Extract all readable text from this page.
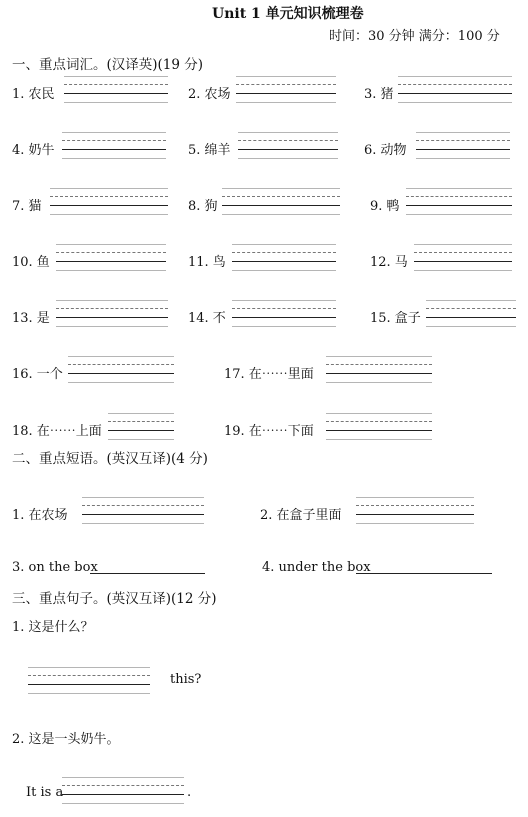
Unit 1 单元知识梳理卷
时间：30 分钟 满分：100 分
一、重点词汇。(汉译英)(19 分)
1. 农民	2. 农场	3. 猪
4. 奶牛	5. 绵羊	6. 动物
7. 猫	8. 狗	9. 鸭
10. 鱼	11. 鸟	12. 马
13. 是	14. 不	15. 盒子
16. 一个	17. 在⋯⋯里面
18. 在⋯⋯上面	19. 在⋯⋯下面
二、重点短语。(英汉互译)(4 分)
1. 在农场	2. 在盒子里面
3. on the box	4. under the box
三、重点句子。(英汉互译)(12 分)
1. 这是什么？
this?
2. 这是一头奶牛。
It is a	.
